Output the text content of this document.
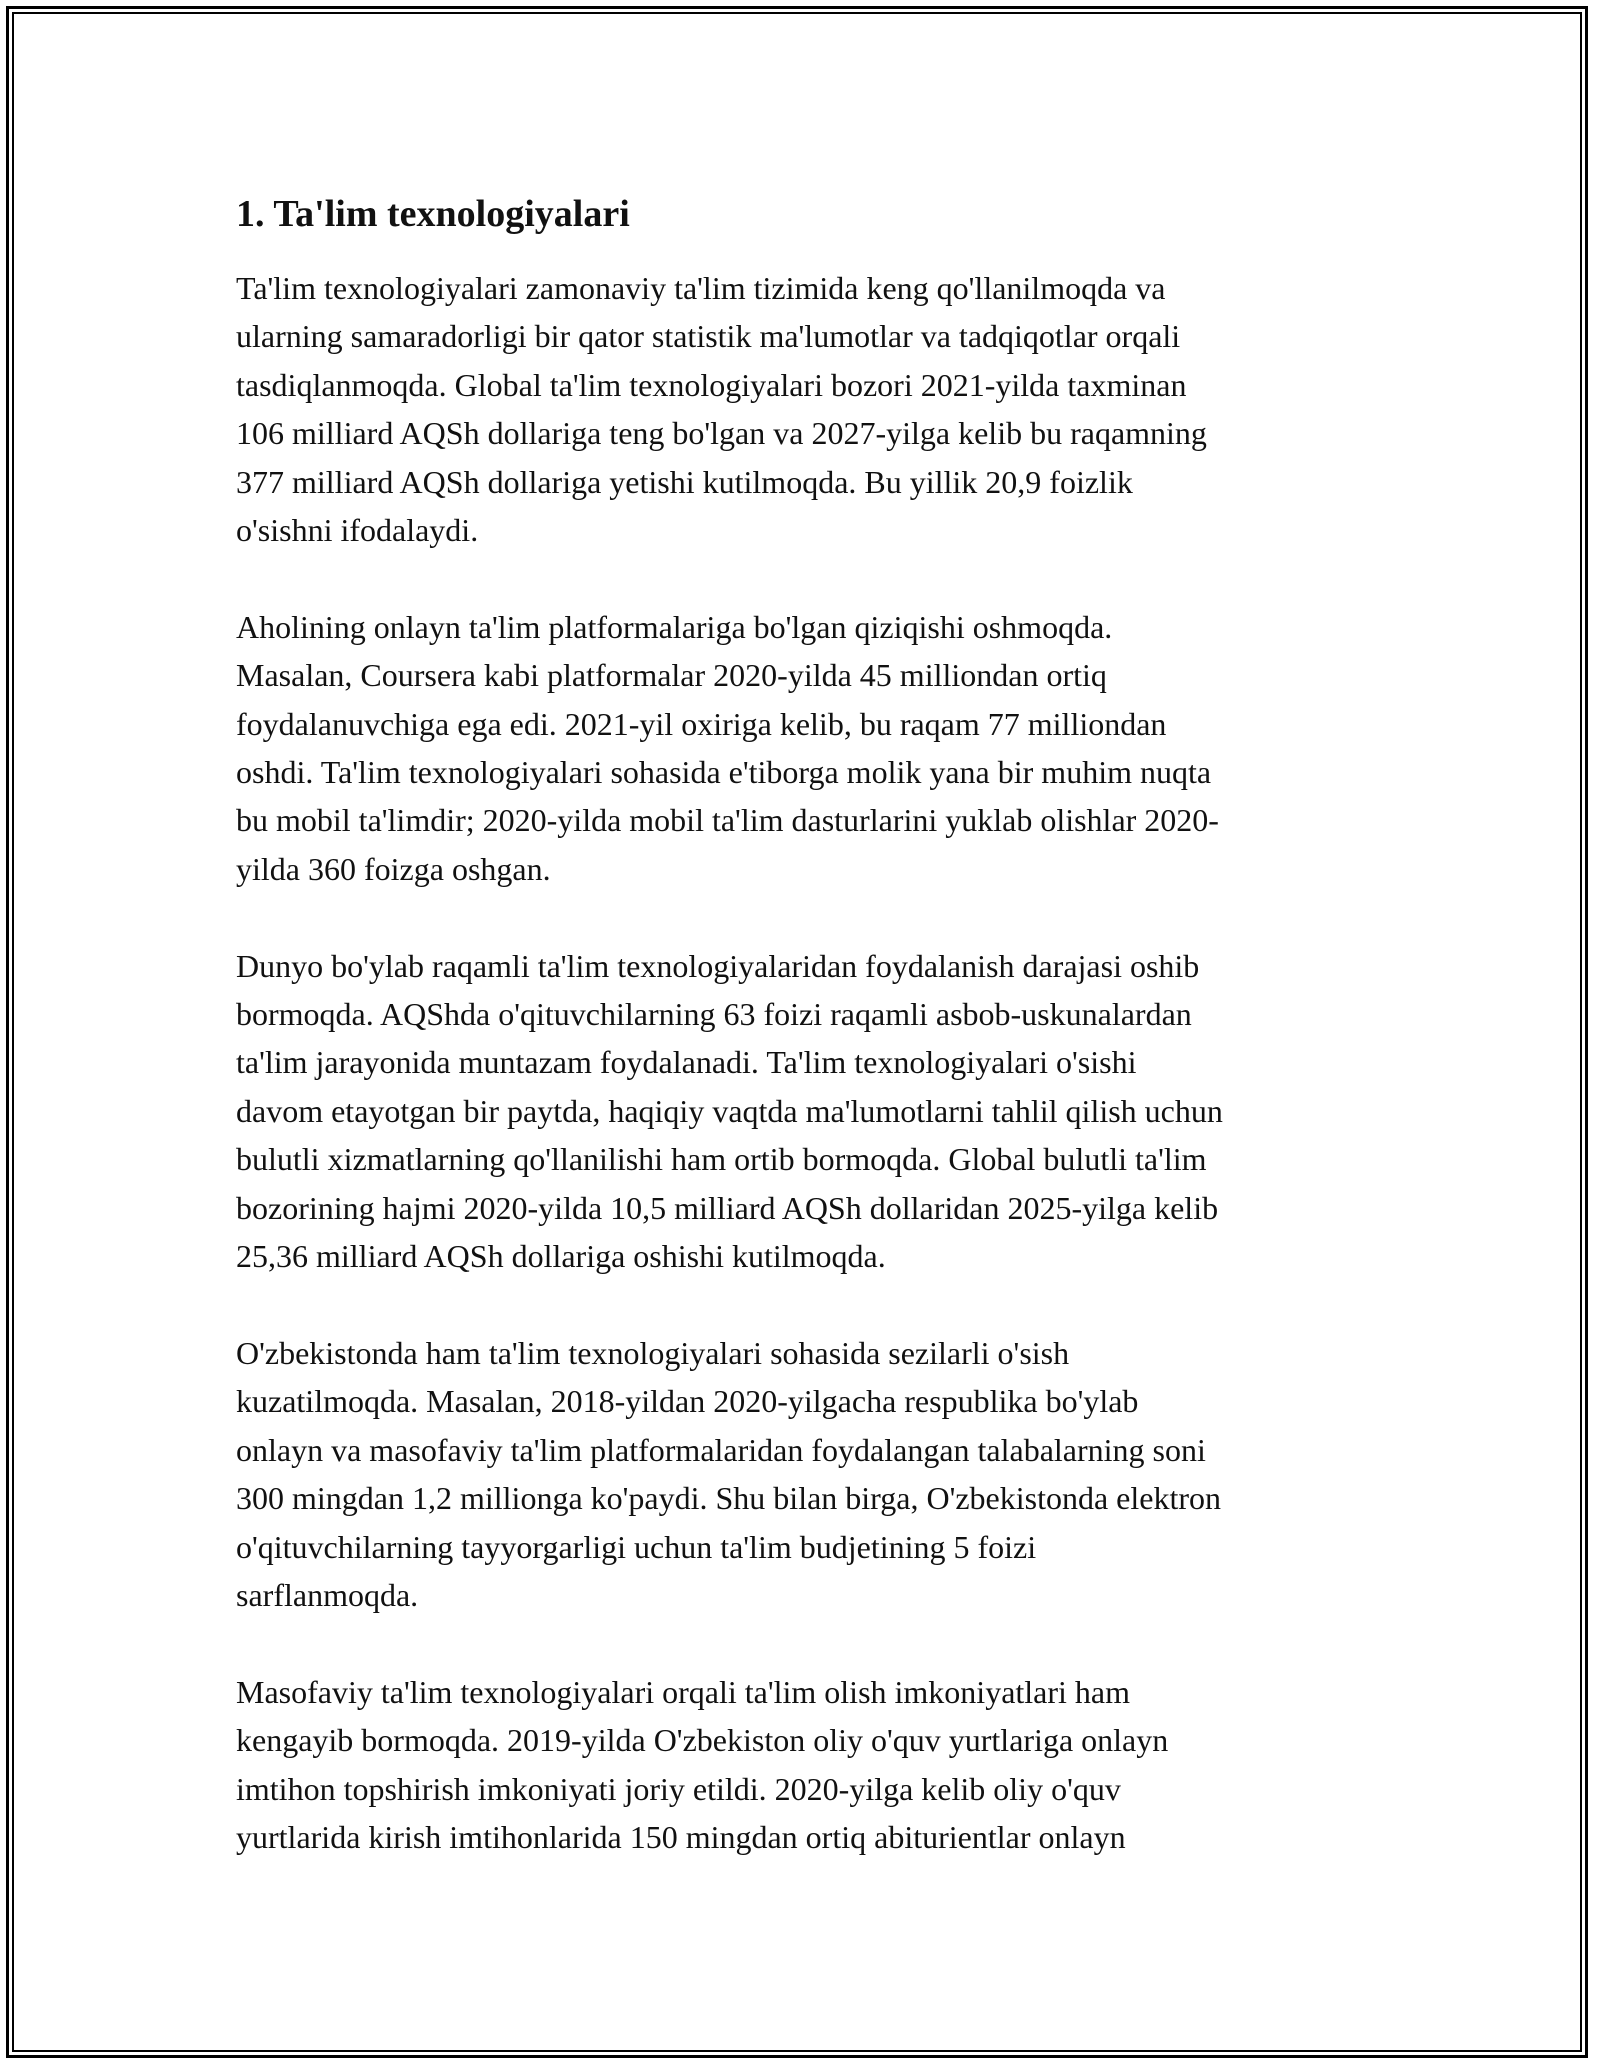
1. Ta'lim texnologiyalari

Ta'lim texnologiyalari zamonaviy ta'lim tizimida keng qo'llanilmoqda va
ularning samaradorligi bir qator statistik ma'lumotlar va tadqiqotlar orqali
tasdiqlanmoqda. Global ta'lim texnologiyalari bozori 2021-yilda taxminan
106 milliard AQSh dollariga teng bo'lgan va 2027-yilga kelib bu raqamning
377 milliard AQSh dollariga yetishi kutilmoqda. Bu yillik 20,9 foizlik
o'sishni ifodalaydi.

Aholining onlayn ta'lim platformalariga bo'lgan qiziqishi oshmoqda.
Masalan, Coursera kabi platformalar 2020-yilda 45 milliondan ortiq
foydalanuvchiga ega edi. 2021-yil oxiriga kelib, bu raqam 77 milliondan
oshdi. Ta'lim texnologiyalari sohasida e'tiborga molik yana bir muhim nuqta
bu mobil ta'limdir; 2020-yilda mobil ta'lim dasturlarini yuklab olishlar 2020-
yilda 360 foizga oshgan.

Dunyo bo'ylab raqamli ta'lim texnologiyalaridan foydalanish darajasi oshib
bormoqda. AQShda o'qituvchilarning 63 foizi raqamli asbob-uskunalardan
ta'lim jarayonida muntazam foydalanadi. Ta'lim texnologiyalari o'sishi
davom etayotgan bir paytda, haqiqiy vaqtda ma'lumotlarni tahlil qilish uchun
bulutli xizmatlarning qo'llanilishi ham ortib bormoqda. Global bulutli ta'lim
bozorining hajmi 2020-yilda 10,5 milliard AQSh dollaridan 2025-yilga kelib
25,36 milliard AQSh dollariga oshishi kutilmoqda.

O'zbekistonda ham ta'lim texnologiyalari sohasida sezilarli o'sish
kuzatilmoqda. Masalan, 2018-yildan 2020-yilgacha respublika bo'ylab
onlayn va masofaviy ta'lim platformalaridan foydalangan talabalarning soni
300 mingdan 1,2 millionga ko'paydi. Shu bilan birga, O'zbekistonda elektron
o'qituvchilarning tayyorgarligi uchun ta'lim budjetining 5 foizi
sarflanmoqda.

Masofaviy ta'lim texnologiyalari orqali ta'lim olish imkoniyatlari ham
kengayib bormoqda. 2019-yilda O'zbekiston oliy o'quv yurtlariga onlayn
imtihon topshirish imkoniyati joriy etildi. 2020-yilga kelib oliy o'quv
yurtlarida kirish imtihonlarida 150 mingdan ortiq abiturientlar onlayn
